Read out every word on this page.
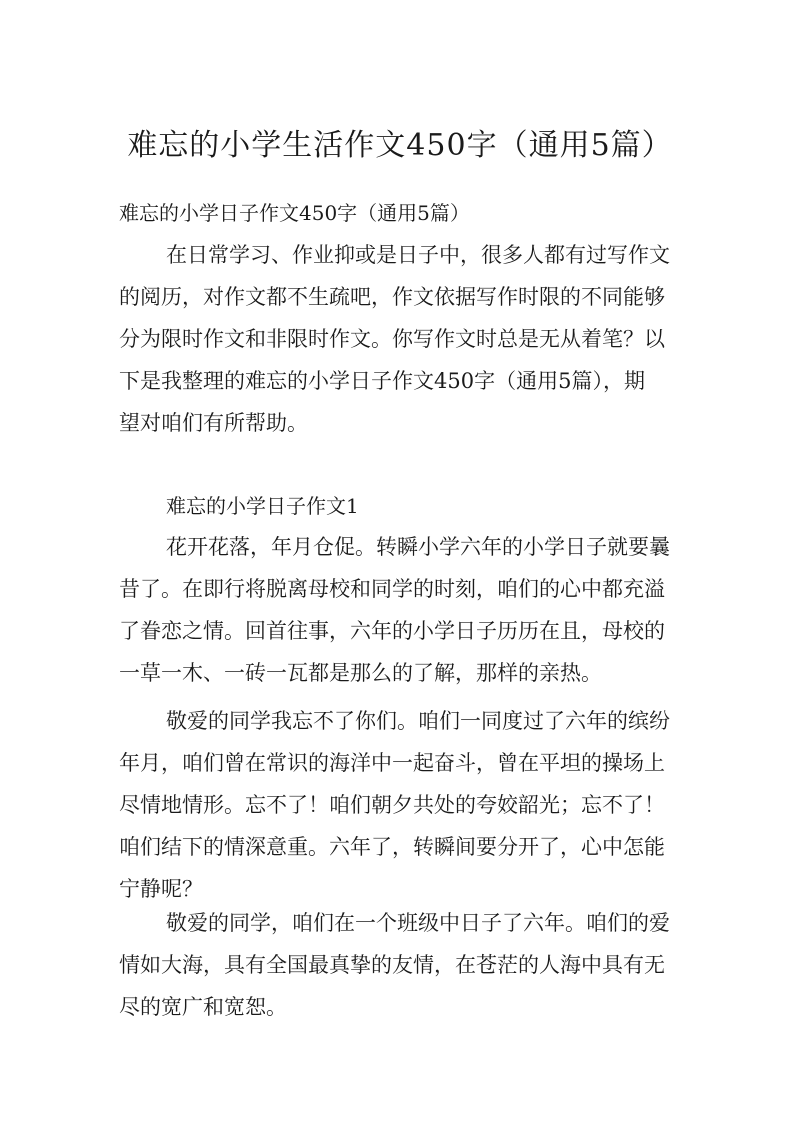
难忘的小学生活作文450字（通用5篇）

难忘的小学日子作文450字（通用5篇）

在日常学习、作业抑或是日子中，很多人都有过写作文
的阅历，对作文都不生疏吧，作文依据写作时限的不同能够
分为限时作文和非限时作文。你写作文时总是无从着笔？以
下是我整理的难忘的小学日子作文450字（通用5篇），期
望对咱们有所帮助。
难忘的小学日子作文1
花开花落，年月仓促。转瞬小学六年的小学日子就要曩
昔了。在即行将脱离母校和同学的时刻，咱们的心中都充溢
了眷恋之情。回首往事，六年的小学日子历历在且，母校的
一草一木、一砖一瓦都是那么的了解，那样的亲热。
敬爱的同学我忘不了你们。咱们一同度过了六年的缤纷
年月，咱们曾在常识的海洋中一起奋斗，曾在平坦的操场上
尽情地情形。忘不了！咱们朝夕共处的夸姣韶光；忘不了！
咱们结下的情深意重。六年了，转瞬间要分开了，心中怎能
宁静呢？
敬爱的同学，咱们在一个班级中日子了六年。咱们的爱
情如大海，具有全国最真挚的友情，在苍茫的人海中具有无
尽的宽广和宽恕。
